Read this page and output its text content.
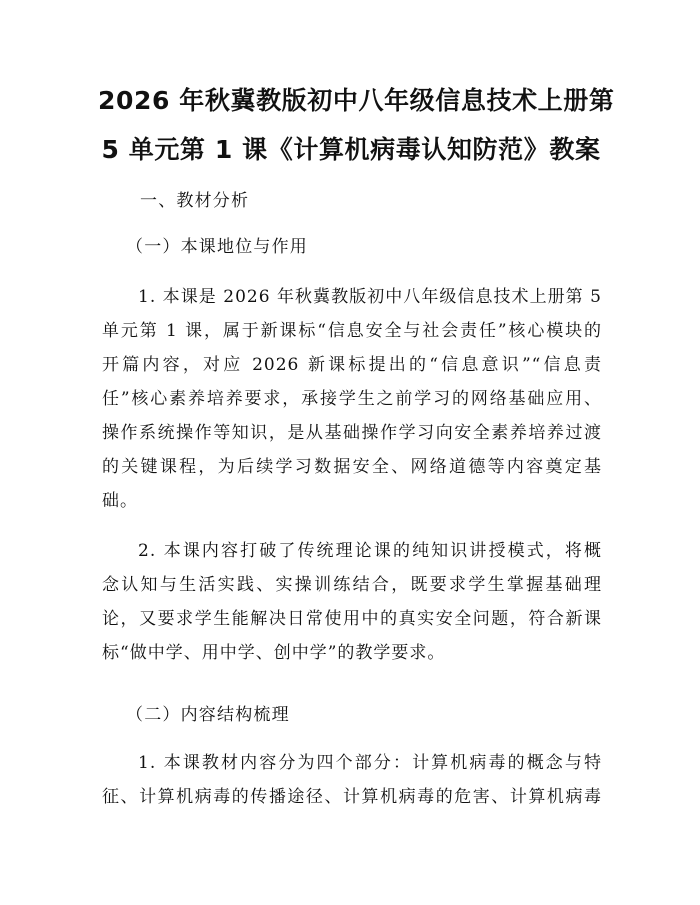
2026 年秋冀教版初中八年级信息技术上册第
5 单元第 1 课《计算机病毒认知防范》教案
一、教材分析
（一）本课地位与作用
1. 本课是 2026 年秋冀教版初中八年级信息技术上册第 5
单元第 1 课，属于新课标“信息安全与社会责任”核心模块的
开篇内容，对应 2026 新课标提出的“信息意识”“信息责
任”核心素养培养要求，承接学生之前学习的网络基础应用、
操作系统操作等知识，是从基础操作学习向安全素养培养过渡
的关键课程，为后续学习数据安全、网络道德等内容奠定基
础。
2. 本课内容打破了传统理论课的纯知识讲授模式，将概
念认知与生活实践、实操训练结合，既要求学生掌握基础理
论，又要求学生能解决日常使用中的真实安全问题，符合新课
标“做中学、用中学、创中学”的教学要求。
（二）内容结构梳理
1. 本课教材内容分为四个部分：计算机病毒的概念与特
征、计算机病毒的传播途径、计算机病毒的危害、计算机病毒
